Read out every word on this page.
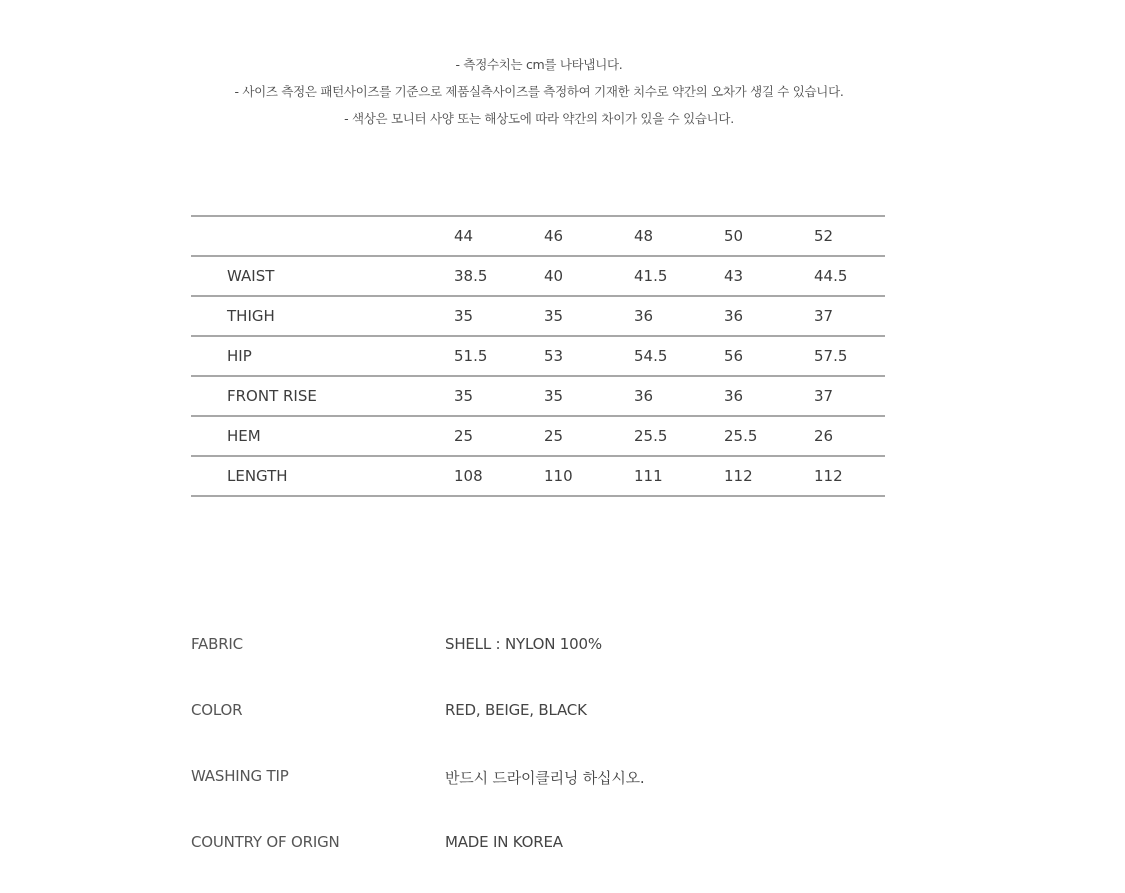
- 측정수치는 cm를 나타냅니다.
- 사이즈 측정은 패턴사이즈를 기준으로 제품실측사이즈를 측정하여 기재한 치수로 약간의 오차가 생길 수 있습니다.
- 색상은 모니터 사양 또는 해상도에 따라 약간의 차이가 있을 수 있습니다.
	44	46	48	50	52
WAIST	38.5	40	41.5	43	44.5
THIGH	35	35	36	36	37
HIP	51.5	53	54.5	56	57.5
FRONT RISE	35	35	36	36	37
HEM	25	25	25.5	25.5	26
LENGTH	108	110	111	112	112
FABRIC	SHELL : NYLON 100%
COLOR	RED, BEIGE, BLACK
WASHING TIP	반드시 드라이클리닝 하십시오.
COUNTRY OF ORIGN	MADE IN KOREA
